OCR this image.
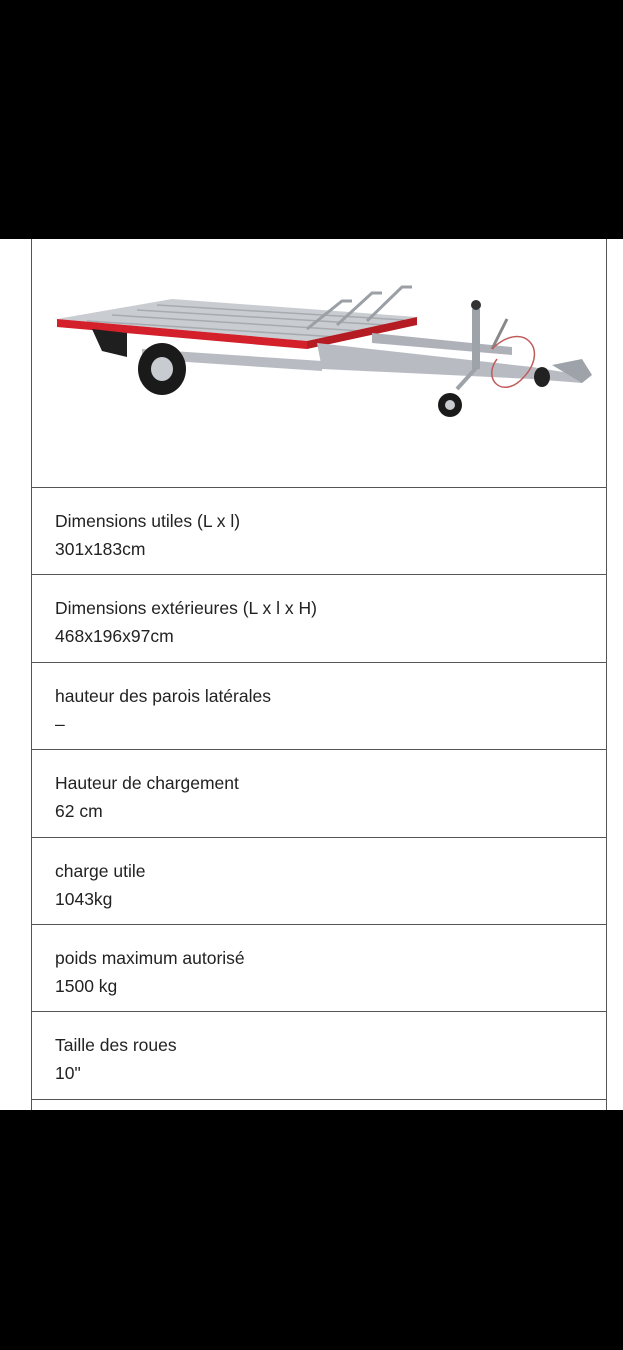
Dimensions utiles (L x l)
301x183cm
Dimensions extérieures (L x l x H)
468x196x97cm
hauteur des parois latérales
–
Hauteur de chargement
62 cm
charge utile
1043kg
poids maximum autorisé
1500 kg
Taille des roues
10"
